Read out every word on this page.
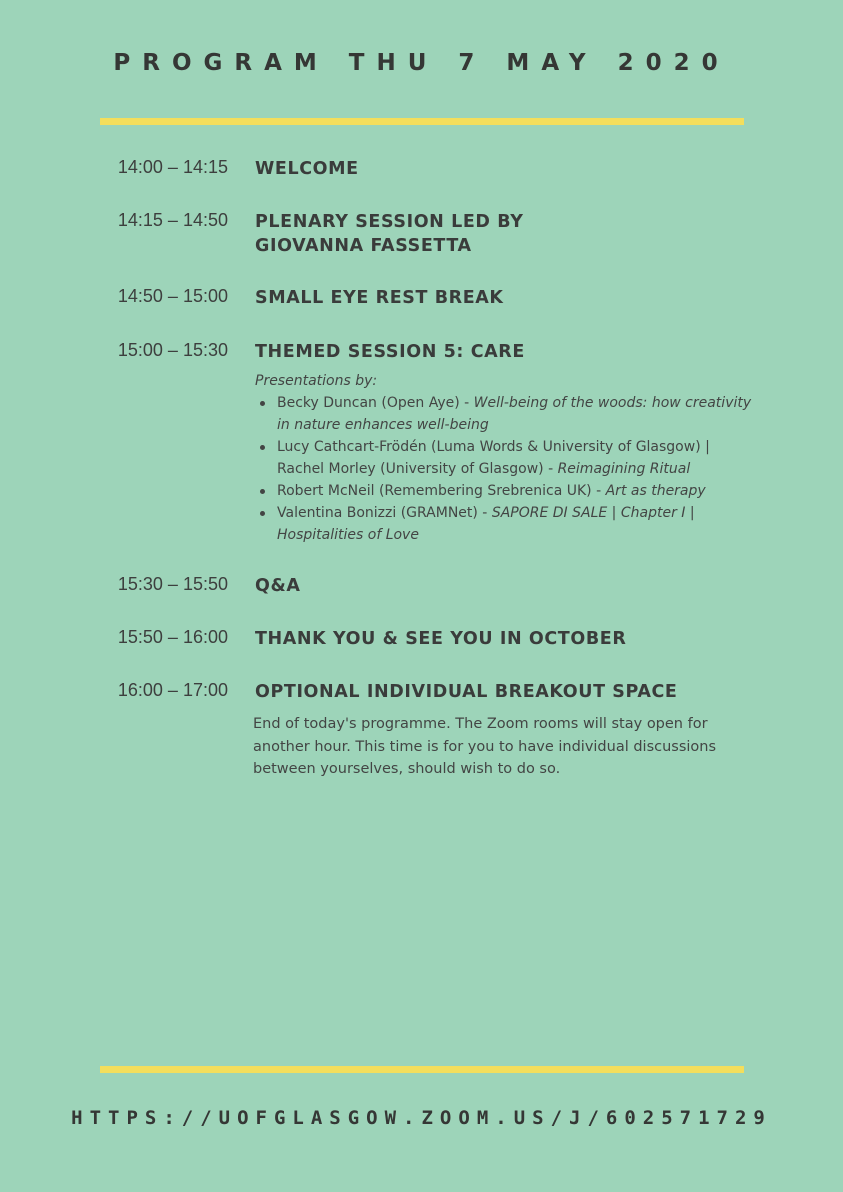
PROGRAM THU 7 MAY 2020
14:00 – 14:15 WELCOME
14:15 – 14:50 PLENARY SESSION LED BY
GIOVANNA FASSETTA
14:50 – 15:00 SMALL EYE REST BREAK
15:00 – 15:30 THEMED SESSION 5: CARE
Presentations by:
Becky Duncan (Open Aye) - Well-being of the woods: how creativity in nature enhances well-being
Lucy Cathcart-Frödén (Luma Words & University of Glasgow) | Rachel Morley (University of Glasgow) - Reimagining Ritual
Robert McNeil (Remembering Srebrenica UK) - Art as therapy
Valentina Bonizzi (GRAMNet) - SAPORE DI SALE | Chapter I | Hospitalities of Love
15:30 – 15:50 Q&A
15:50 – 16:00 THANK YOU & SEE YOU IN OCTOBER
16:00 – 17:00 OPTIONAL INDIVIDUAL BREAKOUT SPACE
End of today's programme. The Zoom rooms will stay open for another hour. This time is for you to have individual discussions between yourselves, should wish to do so.
HTTPS://UOFGLASGOW.ZOOM.US/J/602571729
